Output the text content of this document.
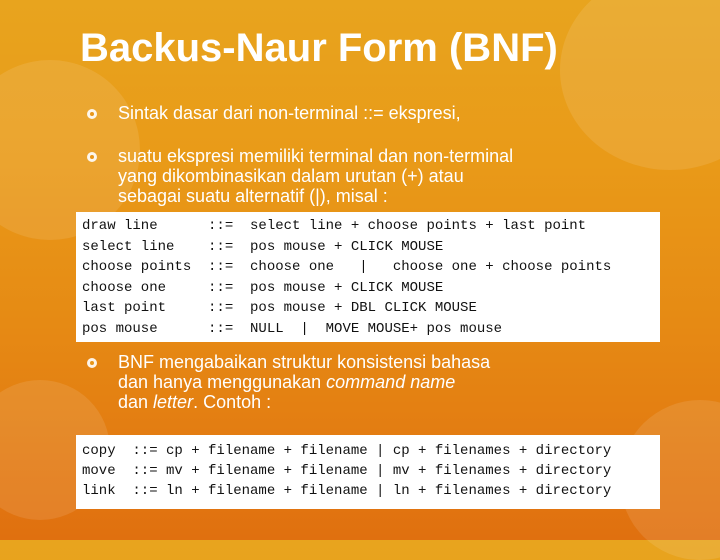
Backus-Naur Form (BNF)
Sintak dasar dari non-terminal ::= ekspresi,
suatu ekspresi memiliki terminal dan non-terminal
yang dikombinasikan dalam urutan (+) atau
sebagai suatu alternatif (|), misal :
draw line      ::=  select line + choose points + last point
select line    ::=  pos mouse + CLICK MOUSE
choose points  ::=  choose one   |   choose one + choose points
choose one     ::=  pos mouse + CLICK MOUSE
last point     ::=  pos mouse + DBL CLICK MOUSE
pos mouse      ::=  NULL  |  MOVE MOUSE+ pos mouse
BNF mengabaikan struktur konsistensi bahasa
dan hanya menggunakan command name
dan letter. Contoh :
copy  ::= cp + filename + filename | cp + filenames + directory
move  ::= mv + filename + filename | mv + filenames + directory
link  ::= ln + filename + filename | ln + filenames + directory
